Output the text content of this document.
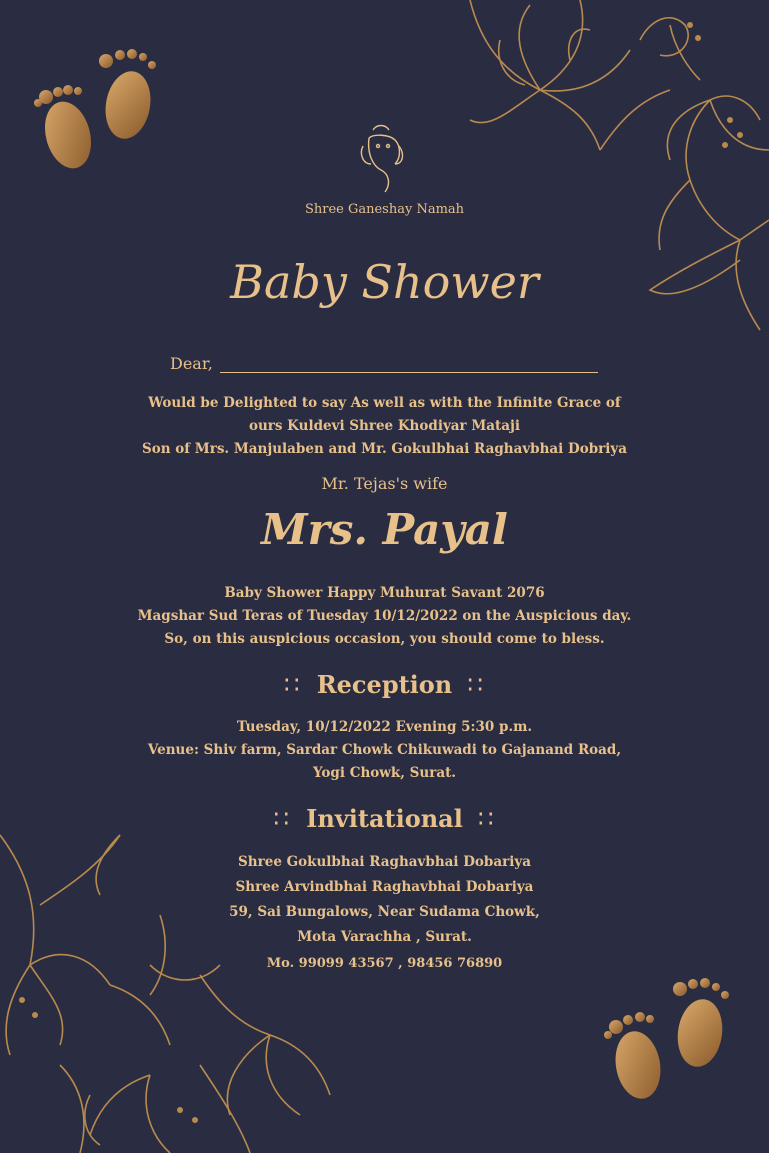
Shree Ganeshay Namah
Baby Shower
Dear,
Would be Delighted to say As well as with the Infinite Grace of
ours Kuldevi Shree Khodiyar Mataji
Son of Mrs. Manjulaben and Mr. Gokulbhai Raghavbhai Dobriya
Mr. Tejas's wife
Mrs. Payal
Baby Shower Happy Muhurat Savant 2076
Magshar Sud Teras of Tuesday 10/12/2022 on the Auspicious day.
So, on this auspicious occasion, you should come to bless.
∷ Reception ∷
Tuesday, 10/12/2022 Evening 5:30 p.m.
Venue: Shiv farm, Sardar Chowk Chikuwadi to Gajanand Road,
Yogi Chowk, Surat.
∷ Invitational ∷
Shree Gokulbhai Raghavbhai Dobariya
Shree Arvindbhai Raghavbhai Dobariya
59, Sai Bungalows, Near Sudama Chowk,
Mota Varachha , Surat.
Mo. 99099 43567 , 98456 76890
